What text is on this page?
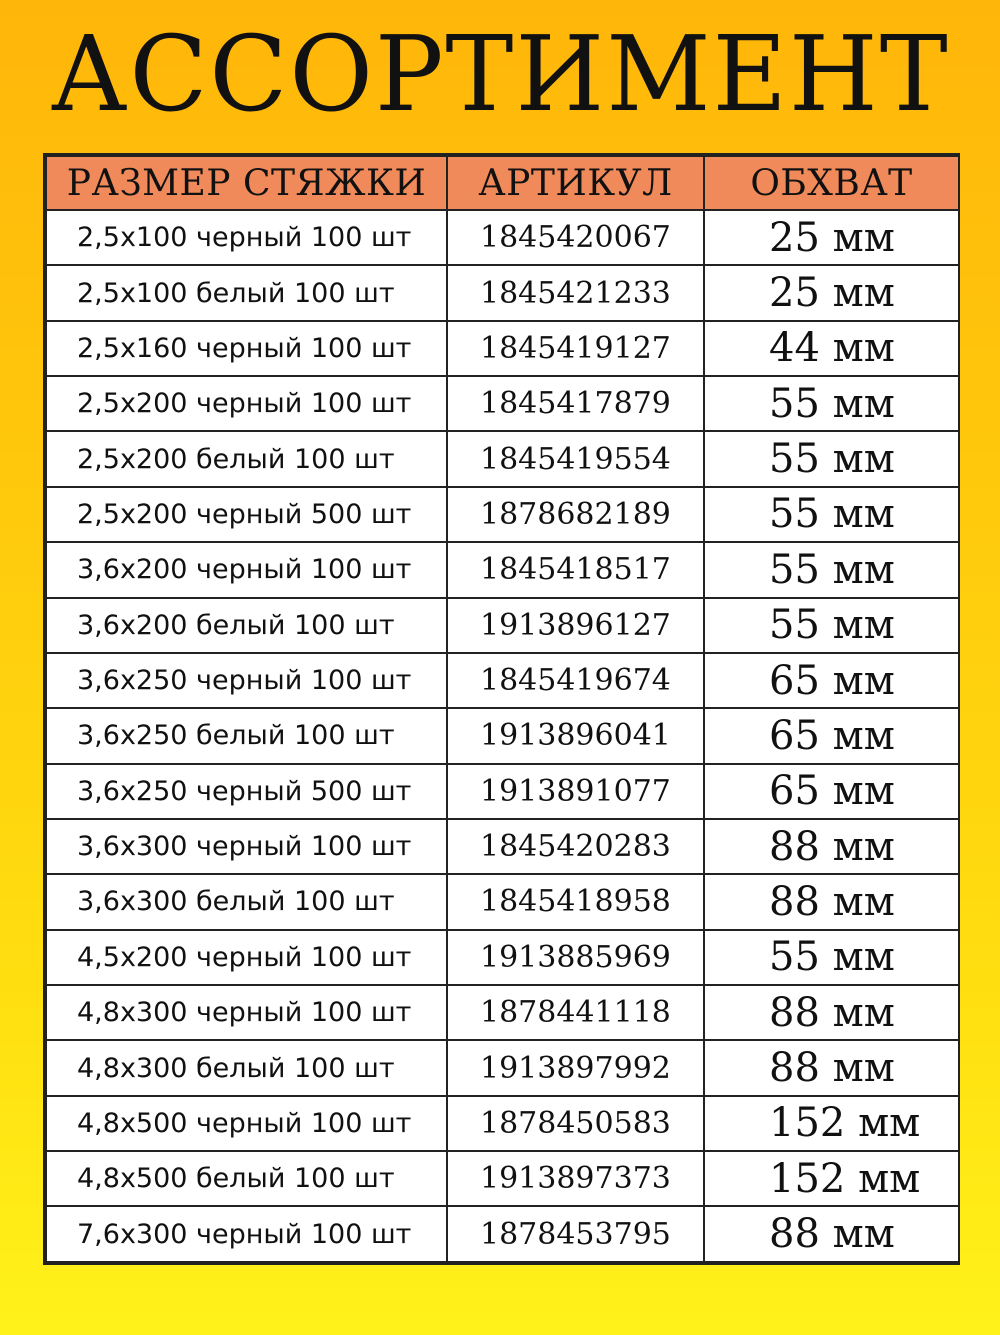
АССОРТИМЕНТ
РАЗМЕР СТЯЖКИ	АРТИКУЛ	ОБХВАТ
2,5х100 черный 100 шт	1845420067	25 мм
2,5х100 белый 100 шт	1845421233	25 мм
2,5х160 черный 100 шт	1845419127	44 мм
2,5х200 черный 100 шт	1845417879	55 мм
2,5х200 белый 100 шт	1845419554	55 мм
2,5х200 черный 500 шт	1878682189	55 мм
3,6х200 черный 100 шт	1845418517	55 мм
3,6х200 белый 100 шт	1913896127	55 мм
3,6х250 черный 100 шт	1845419674	65 мм
3,6х250 белый 100 шт	1913896041	65 мм
3,6х250 черный 500 шт	1913891077	65 мм
3,6х300 черный 100 шт	1845420283	88 мм
3,6х300 белый 100 шт	1845418958	88 мм
4,5х200 черный 100 шт	1913885969	55 мм
4,8х300 черный 100 шт	1878441118	88 мм
4,8х300 белый 100 шт	1913897992	88 мм
4,8х500 черный 100 шт	1878450583	152 мм
4,8х500 белый 100 шт	1913897373	152 мм
7,6х300 черный 100 шт	1878453795	88 мм
